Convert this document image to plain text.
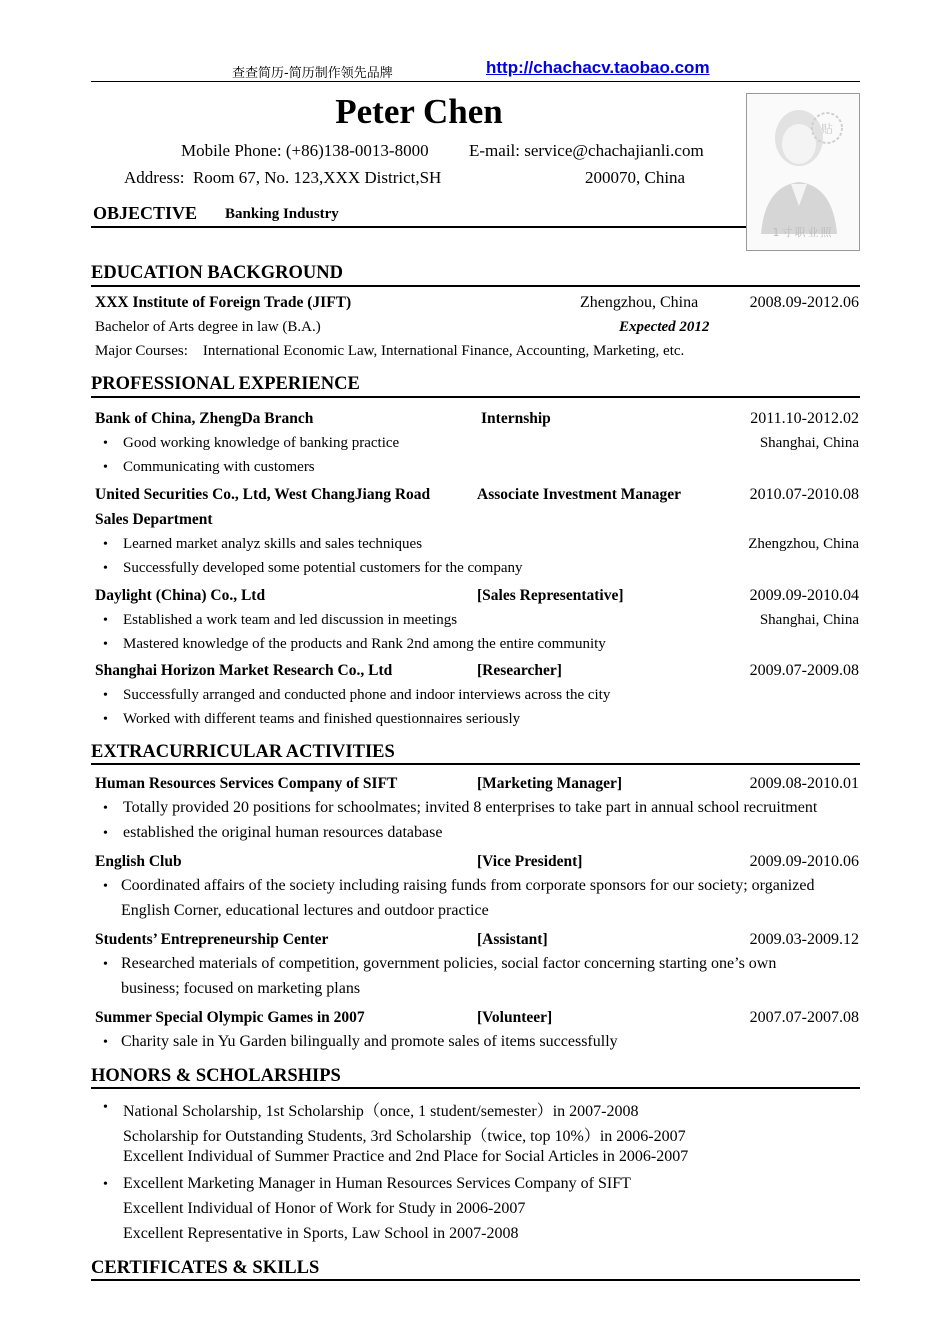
查查简历-简历制作领先品牌	http://chachacv.taobao.com
贴
1寸职业照
Peter Chen
Mobile Phone: (+86)138-0013-8000 E-mail: service@chachajianli.com
Address:  Room 67, No. 123,XXX District,SH	200070, China
OBJECTIVE Banking Industry
EDUCATION BACKGROUND
XXX Institute of Foreign Trade (JIFT)	Zhengzhou, China	2008.09-2012.06
Bachelor of Arts degree in law (B.A.)	Expected 2012
Major Courses:    International Economic Law, International Finance, Accounting, Marketing, etc.
PROFESSIONAL EXPERIENCE
Bank of China, ZhengDa Branch	Internship	2011.10-2012.02
• Good working knowledge of banking practice	Shanghai, China
• Communicating with customers
United Securities Co., Ltd, West ChangJiang Road	Associate Investment Manager	2010.07-2010.08
Sales Department
• Learned market analyz skills and sales techniques	Zhengzhou, China
• Successfully developed some potential customers for the company
Daylight (China) Co., Ltd	[Sales Representative]	2009.09-2010.04
• Established a work team and led discussion in meetings	Shanghai, China
• Mastered knowledge of the products and Rank 2nd among the entire community
Shanghai Horizon Market Research Co., Ltd	[Researcher]	2009.07-2009.08
• Successfully arranged and conducted phone and indoor interviews across the city
• Worked with different teams and finished questionnaires seriously
EXTRACURRICULAR ACTIVITIES
Human Resources Services Company of SIFT	[Marketing Manager]	2009.08-2010.01
• Totally provided 20 positions for schoolmates; invited 8 enterprises to take part in annual school recruitment
• established the original human resources database
English Club	[Vice President]	2009.09-2010.06
• Coordinated affairs of the society including raising funds from corporate sponsors for our society; organized
English Corner, educational lectures and outdoor practice
Students’ Entrepreneurship Center	[Assistant]	2009.03-2009.12
• Researched materials of competition, government policies, social factor concerning starting one’s own
business; focused on marketing plans
Summer Special Olympic Games in 2007	[Volunteer]	2007.07-2007.08
• Charity sale in Yu Garden bilingually and promote sales of items successfully
HONORS & SCHOLARSHIPS
• National Scholarship, 1st Scholarship（once, 1 student/semester）in 2007-2008
Scholarship for Outstanding Students, 3rd Scholarship（twice, top 10%）in 2006-2007
Excellent Individual of Summer Practice and 2nd Place for Social Articles in 2006-2007
• Excellent Marketing Manager in Human Resources Services Company of SIFT
Excellent Individual of Honor of Work for Study in 2006-2007
Excellent Representative in Sports, Law School in 2007-2008
CERTIFICATES & SKILLS
